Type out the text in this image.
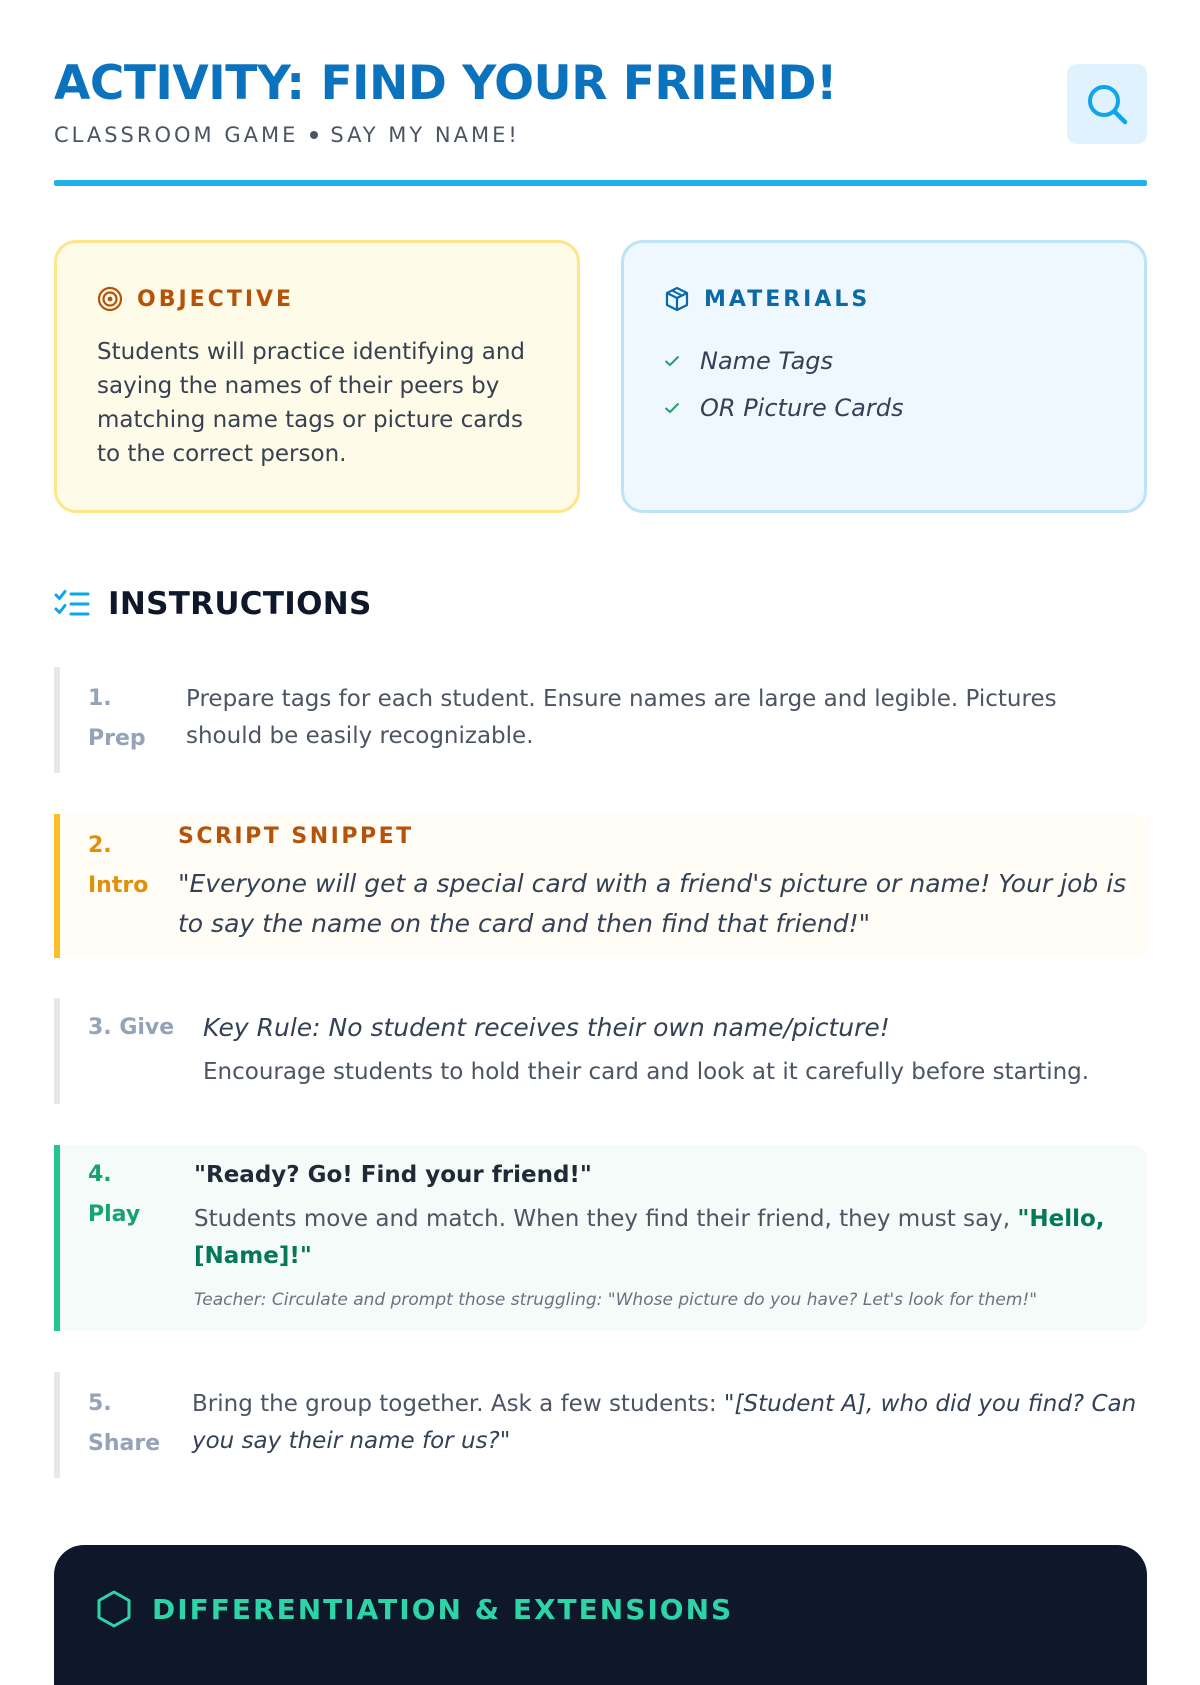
ACTIVITY: FIND YOUR FRIEND!
CLASSROOM GAME SAY MY NAME!
OBJECTIVE

Students will practice identifying and saying the names of their peers by matching name tags or picture cards to the correct person.

MATERIALS
Name Tags
OR Picture Cards
INSTRUCTIONS
1.
Prep

Prepare tags for each student. Ensure names are large and legible. Pictures should be easily recognizable.

2.
Intro
SCRIPT SNIPPET

"Everyone will get a special card with a friend's picture or name! Your job is to say the name on the card and then find that friend!"

3. Give	Key Rule: No student receives their own name/picture!

Encourage students to hold their card and look at it carefully before starting.

4.
Play
"Ready? Go! Find your friend!"

Students move and match. When they find their friend, they must say, "Hello, [Name]!"

Teacher: Circulate and prompt those struggling: "Whose picture do you have? Let's look for them!"
5.
Share

Bring the group together. Ask a few students: "[Student A], who did you find? Can you say their name for us?"

DIFFERENTIATION & EXTENSIONS
